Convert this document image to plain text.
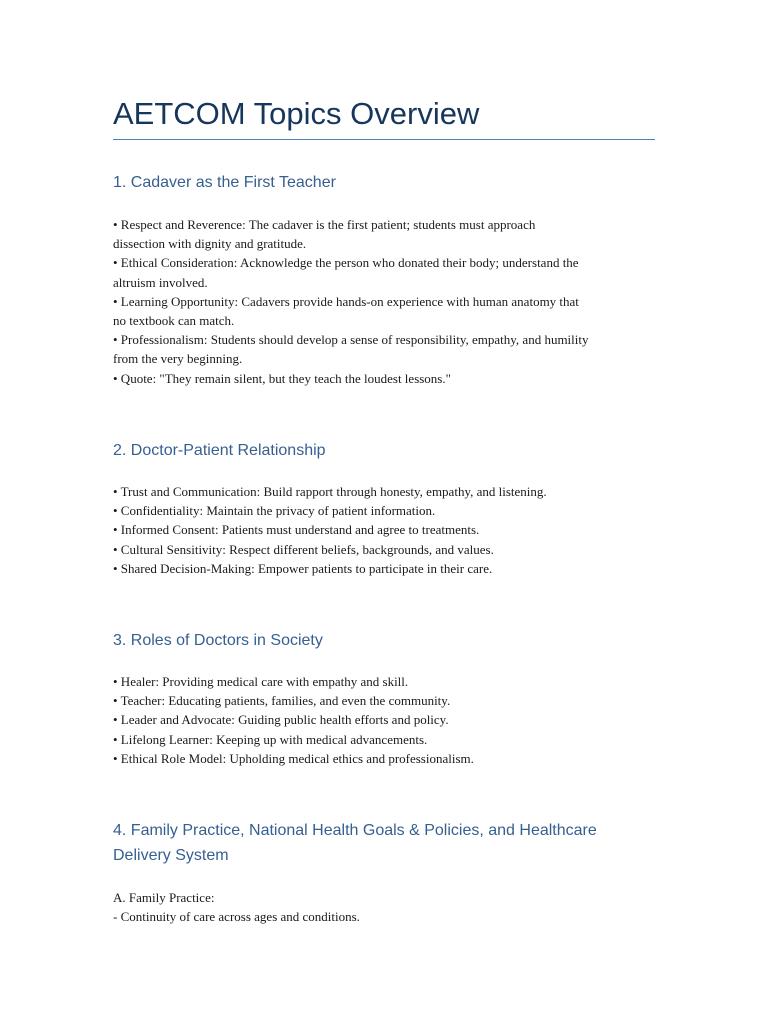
AETCOM Topics Overview
1. Cadaver as the First Teacher
• Respect and Reverence: The cadaver is the first patient; students must approach
dissection with dignity and gratitude.
• Ethical Consideration: Acknowledge the person who donated their body; understand the
altruism involved.
• Learning Opportunity: Cadavers provide hands-on experience with human anatomy that
no textbook can match.
• Professionalism: Students should develop a sense of responsibility, empathy, and humility
from the very beginning.
• Quote: "They remain silent, but they teach the loudest lessons."
2. Doctor-Patient Relationship
• Trust and Communication: Build rapport through honesty, empathy, and listening.
• Confidentiality: Maintain the privacy of patient information.
• Informed Consent: Patients must understand and agree to treatments.
• Cultural Sensitivity: Respect different beliefs, backgrounds, and values.
• Shared Decision-Making: Empower patients to participate in their care.
3. Roles of Doctors in Society
• Healer: Providing medical care with empathy and skill.
• Teacher: Educating patients, families, and even the community.
• Leader and Advocate: Guiding public health efforts and policy.
• Lifelong Learner: Keeping up with medical advancements.
• Ethical Role Model: Upholding medical ethics and professionalism.
4. Family Practice, National Health Goals & Policies, and Healthcare
Delivery System
A. Family Practice:
- Continuity of care across ages and conditions.
